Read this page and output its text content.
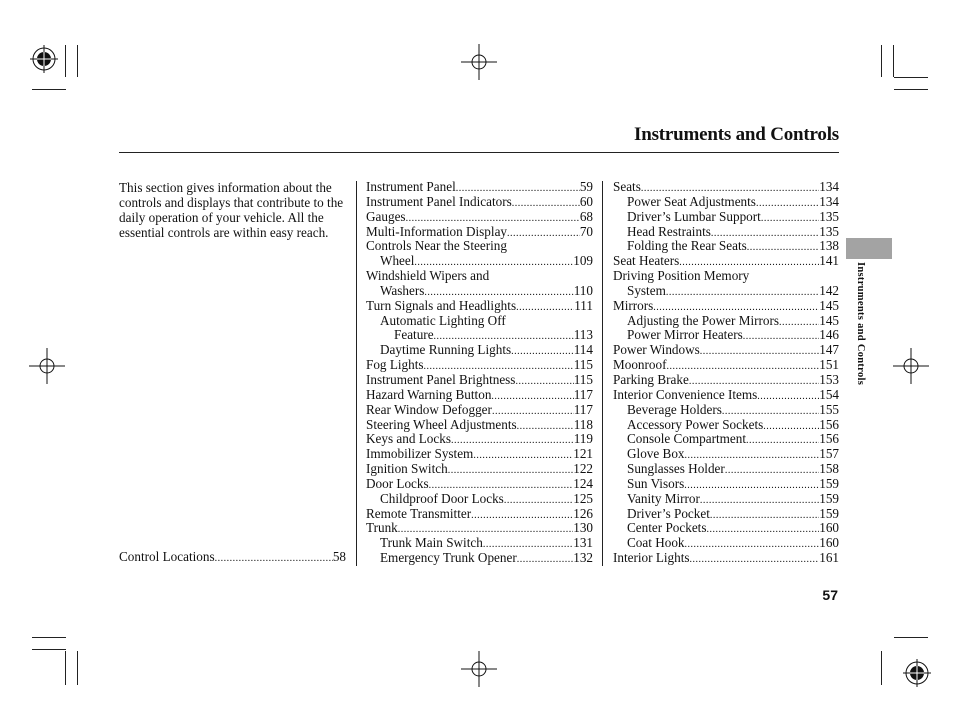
Instruments and Controls
Instruments and Controls
This section gives information about the controls and displays that contribute to the daily operation of your vehicle. All the essential controls are within easy reach.
Control Locations .....	58
Instrument Panel .....	59
Instrument Panel Indicators .....	60
Gauges .....	68
Multi-Information Display .....	70
Controls Near the Steering
Wheel .....	109
Windshield Wipers and
Washers .....	110
Turn Signals and Headlights .....	111
Automatic Lighting Off
Feature .....	113
Daytime Running Lights .....	114
Fog Lights .....	115
Instrument Panel Brightness .....	115
Hazard Warning Button .....	117
Rear Window Defogger .....	117
Steering Wheel Adjustments .....	118
Keys and Locks .....	119
Immobilizer System .....	121
Ignition Switch .....	122
Door Locks .....	124
Childproof Door Locks .....	125
Remote Transmitter .....	126
Trunk .....	130
Trunk Main Switch .....	131
Emergency Trunk Opener .....	132
Seats .....	134
Power Seat Adjustments .....	134
Driver’s Lumbar Support .....	135
Head Restraints .....	135
Folding the Rear Seats .....	138
Seat Heaters .....	141
Driving Position Memory
System .....	142
Mirrors .....	145
Adjusting the Power Mirrors .....	145
Power Mirror Heaters .....	146
Power Windows .....	147
Moonroof .....	151
Parking Brake .....	153
Interior Convenience Items .....	154
Beverage Holders .....	155
Accessory Power Sockets .....	156
Console Compartment .....	156
Glove Box .....	157
Sunglasses Holder .....	158
Sun Visors .....	159
Vanity Mirror .....	159
Driver’s Pocket .....	159
Center Pockets .....	160
Coat Hook .....	160
Interior Lights .....	161
57
